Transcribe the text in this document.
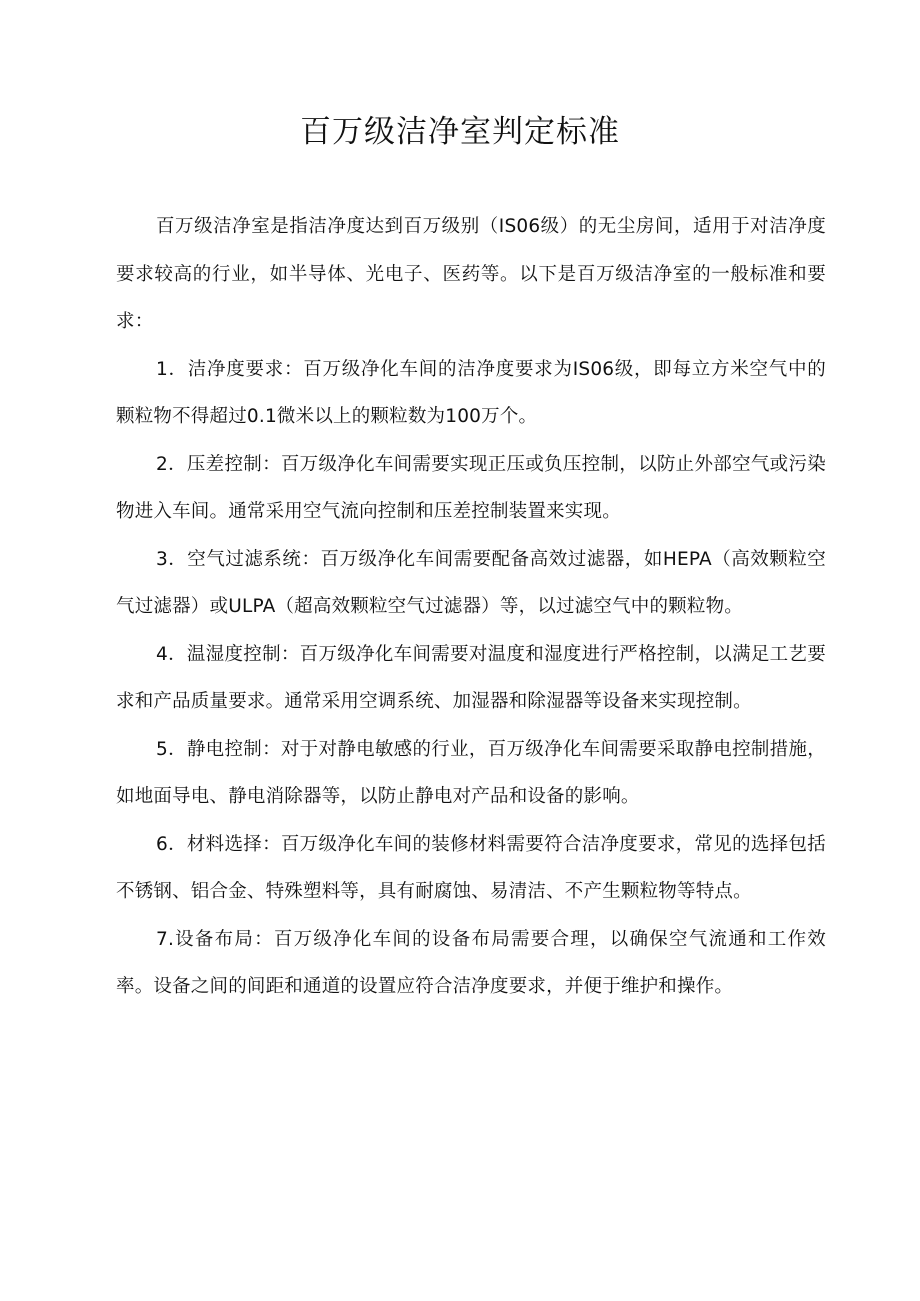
百万级洁净室判定标准

百万级洁净室是指洁净度达到百万级别（IS06级）的无尘房间，适用于对洁净度要求较高的行业，如半导体、光电子、医药等。以下是百万级洁净室的一般标准和要求：

1．洁净度要求：百万级净化车间的洁净度要求为IS06级，即每立方米空气中的颗粒物不得超过0.1微米以上的颗粒数为100万个。

2．压差控制：百万级净化车间需要实现正压或负压控制，以防止外部空气或污染物进入车间。通常采用空气流向控制和压差控制装置来实现。

3．空气过滤系统：百万级净化车间需要配备高效过滤器，如HEPA（高效颗粒空气过滤器）或ULPA（超高效颗粒空气过滤器）等，以过滤空气中的颗粒物。

4．温湿度控制：百万级净化车间需要对温度和湿度进行严格控制，以满足工艺要求和产品质量要求。通常采用空调系统、加湿器和除湿器等设备来实现控制。

5．静电控制：对于对静电敏感的行业，百万级净化车间需要采取静电控制措施，如地面导电、静电消除器等，以防止静电对产品和设备的影响。

6．材料选择：百万级净化车间的装修材料需要符合洁净度要求，常见的选择包括不锈钢、铝合金、特殊塑料等，具有耐腐蚀、易清洁、不产生颗粒物等特点。

7.设备布局：百万级净化车间的设备布局需要合理，以确保空气流通和工作效率。设备之间的间距和通道的设置应符合洁净度要求，并便于维护和操作。
